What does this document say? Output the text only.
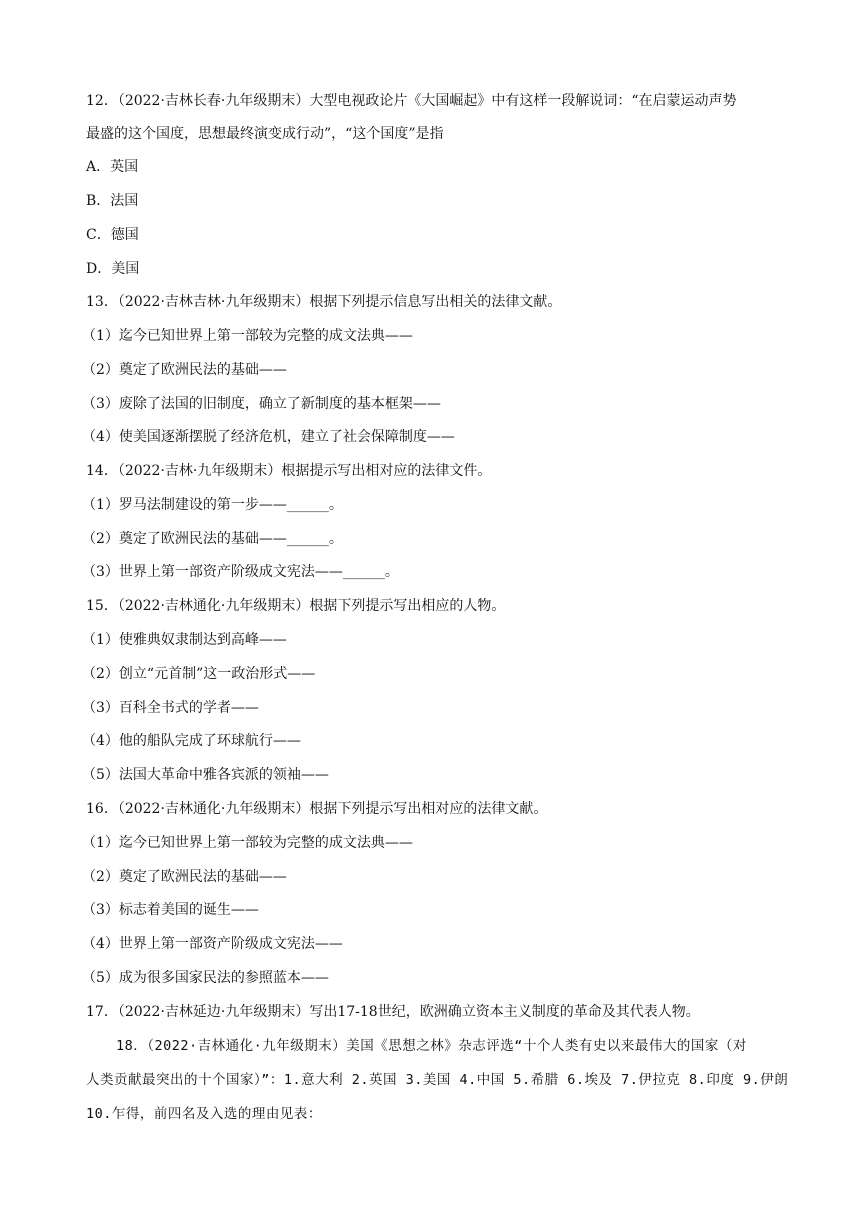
12．（2022·吉林长春·九年级期末）大型电视政论片《大国崛起》中有这样一段解说词：“在启蒙运动声势
最盛的这个国度，思想最终演变成行动”，“这个国度”是指
A．英国
B．法国
C．德国
D．美国
13．（2022·吉林吉林·九年级期末）根据下列提示信息写出相关的法律文献。
（1）迄今已知世界上第一部较为完整的成文法典——
（2）奠定了欧洲民法的基础——
（3）废除了法国的旧制度，确立了新制度的基本框架——
（4）使美国逐渐摆脱了经济危机，建立了社会保障制度——
14．（2022·吉林·九年级期末）根据提示写出相对应的法律文件。
（1）罗马法制建设的第一步——______。
（2）奠定了欧洲民法的基础——______。
（3）世界上第一部资产阶级成文宪法——______。
15．（2022·吉林通化·九年级期末）根据下列提示写出相应的人物。
（1）使雅典奴隶制达到高峰——
（2）创立“元首制”这一政治形式——
（3）百科全书式的学者——
（4）他的船队完成了环球航行——
（5）法国大革命中雅各宾派的领袖——
16．（2022·吉林通化·九年级期末）根据下列提示写出相对应的法律文献。
（1）迄今已知世界上第一部较为完整的成文法典——
（2）奠定了欧洲民法的基础——
（3）标志着美国的诞生——
（4）世界上第一部资产阶级成文宪法——
（5）成为很多国家民法的参照蓝本——
17．（2022·吉林延边·九年级期末）写出17-18世纪，欧洲确立资本主义制度的革命及其代表人物。
18．（2022·吉林通化·九年级期末）美国《思想之林》杂志评选“十个人类有史以来最伟大的国家（对
人类贡献最突出的十个国家）”：1.意大利 2.英国 3.美国 4.中国 5.希腊 6.埃及 7.伊拉克 8.印度 9.伊朗
10.乍得，前四名及入选的理由见表：
